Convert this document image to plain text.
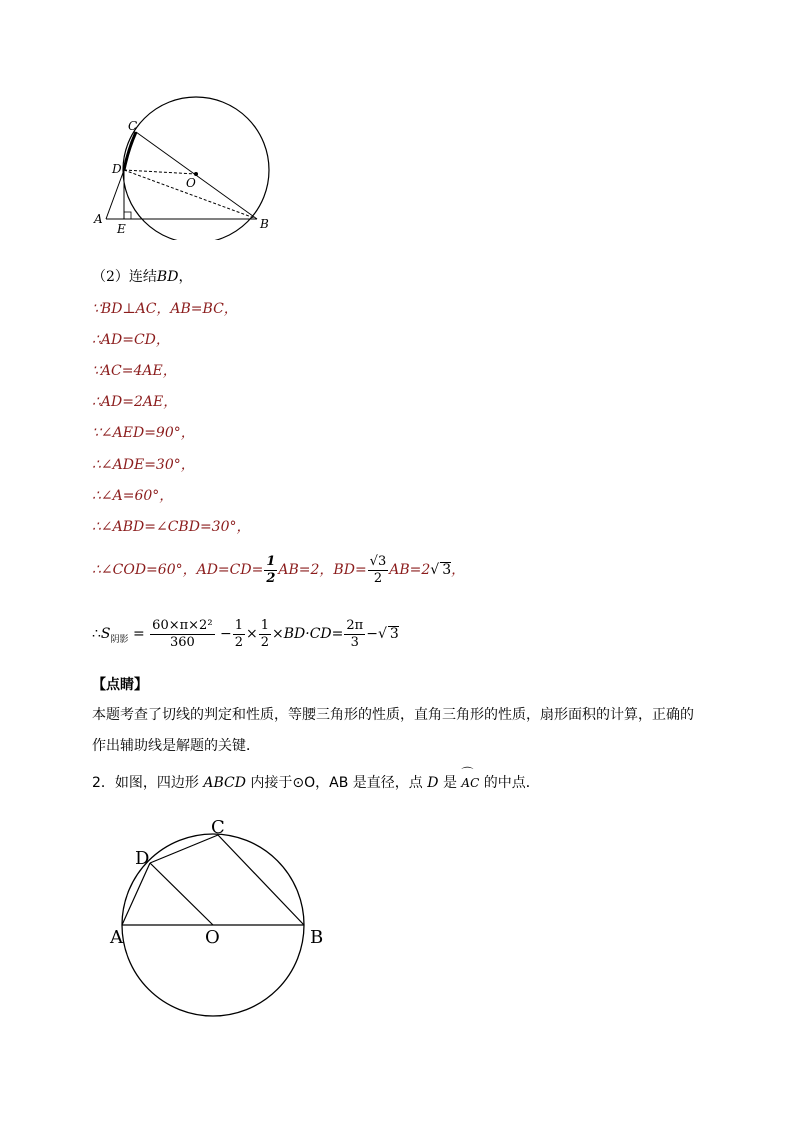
C
D
O
A
E	B
（2）连结BD，
∵BD⊥AC，AB=BC，
∴AD=CD，
∵AC=4AE，
∴AD=2AE，
∵∠AED=90°，
∴∠ADE=30°，
∴∠A=60°，
∴∠ABD=∠CBD=30°，
∴∠COD=60°，$AD=CD= \frac{1}{2} AB=2$，$BD= \frac{√3}{2} AB=2√$ 3，
$\therefore S_{阴影} = \frac{\text{60×π×2²}}{360} - \frac{1}{2} \times \frac{1}{2} \times BD\cdot CD= \frac{2\pi}{3}$ −√ 3
【点睛】
本题考查了切线的判定和性质，等腰三角形的性质，直角三角形的性质，扇形面积的计算，正确的
作出辅助线是解题的关键．
2．如图，四边形 ABCD 内接于⊙O，AB 是直径，点 D 是
⌒
AC 的中点．
C
D
A	O	B
